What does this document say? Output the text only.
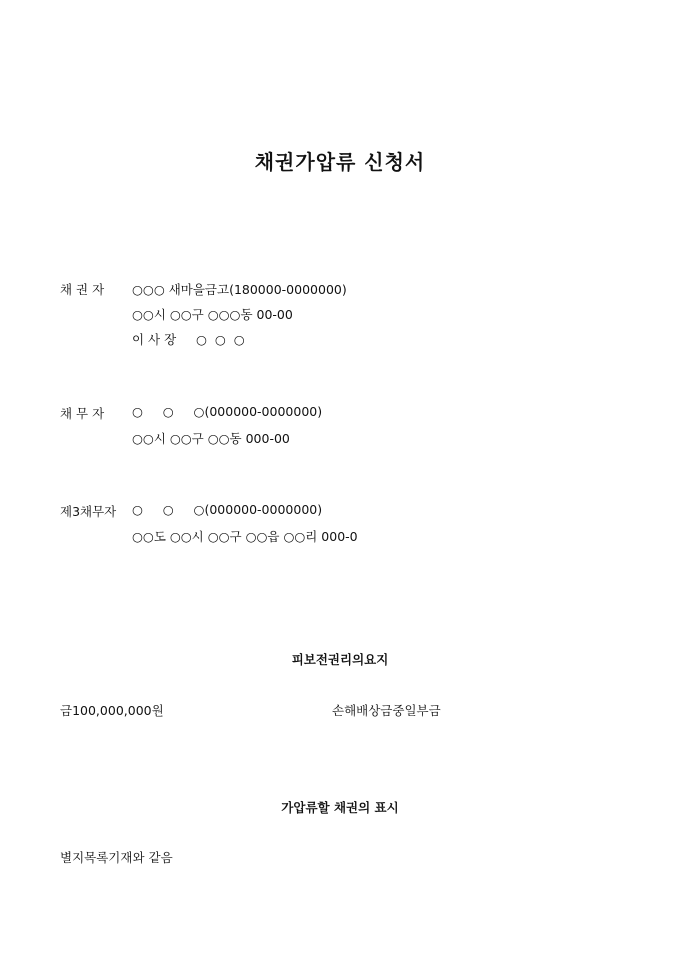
채권가압류 신청서
채 권 자 ○○○ 새마을금고(180000-0000000)
○○시 ○○구 ○○○동 00-00
이 사 장     ○  ○  ○
채 무 자 ○     ○     ○(000000-0000000)
○○시 ○○구 ○○동 000-00
제3채무자 ○     ○     ○(000000-0000000)
○○도 ○○시 ○○구 ○○읍 ○○리 000-0
피보전권리의요지
금100,000,000원	손해배상금중일부금
가압류할 채권의 표시
별지목록기재와 같음
